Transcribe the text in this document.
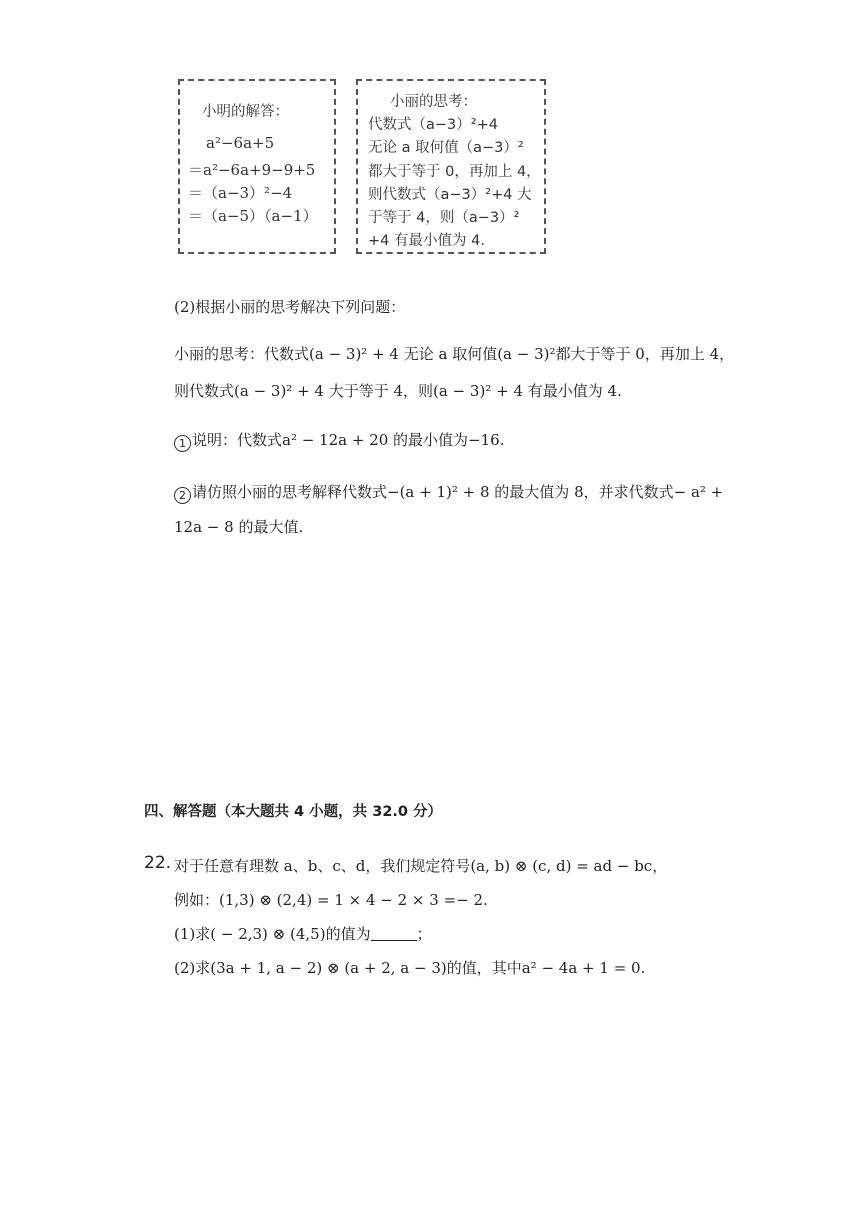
小明的解答：
a²−6a+5
＝a²−6a+9−9+5
＝（a−3）²−4
＝（a−5）（a−1）
小丽的思考：
代数式（a−3）²+4
无论 a 取何值（a−3）²
都大于等于 0，再加上 4，
则代数式（a−3）²+4 大
于等于 4，则（a−3）²
+4 有最小值为 4.
(2)根据小丽的思考解决下列问题：
小丽的思考：代数式(a − 3)² + 4 无论 a 取何值(a − 3)²都大于等于 0，再加上 4，
则代数式(a − 3)² + 4 大于等于 4，则(a − 3)² + 4 有最小值为 4.
1 说明：代数式a² − 12a + 20 的最小值为−16.
2 请仿照小丽的思考解释代数式−(a + 1)² + 8 的最大值为 8，并求代数式− a² +
12a − 8 的最大值.
四、解答题（本大题共 4 小题，共 32.0 分）
22. 对于任意有理数 a、b、c、d，我们规定符号(a, b) ⊗ (c, d) = ad − bc，
例如：(1,3) ⊗ (2,4) = 1 × 4 − 2 × 3 =− 2.
(1)求( − 2,3) ⊗ (4,5)的值为	；
(2)求(3a + 1, a − 2) ⊗ (a + 2, a − 3)的值，其中a² − 4a + 1 = 0.
